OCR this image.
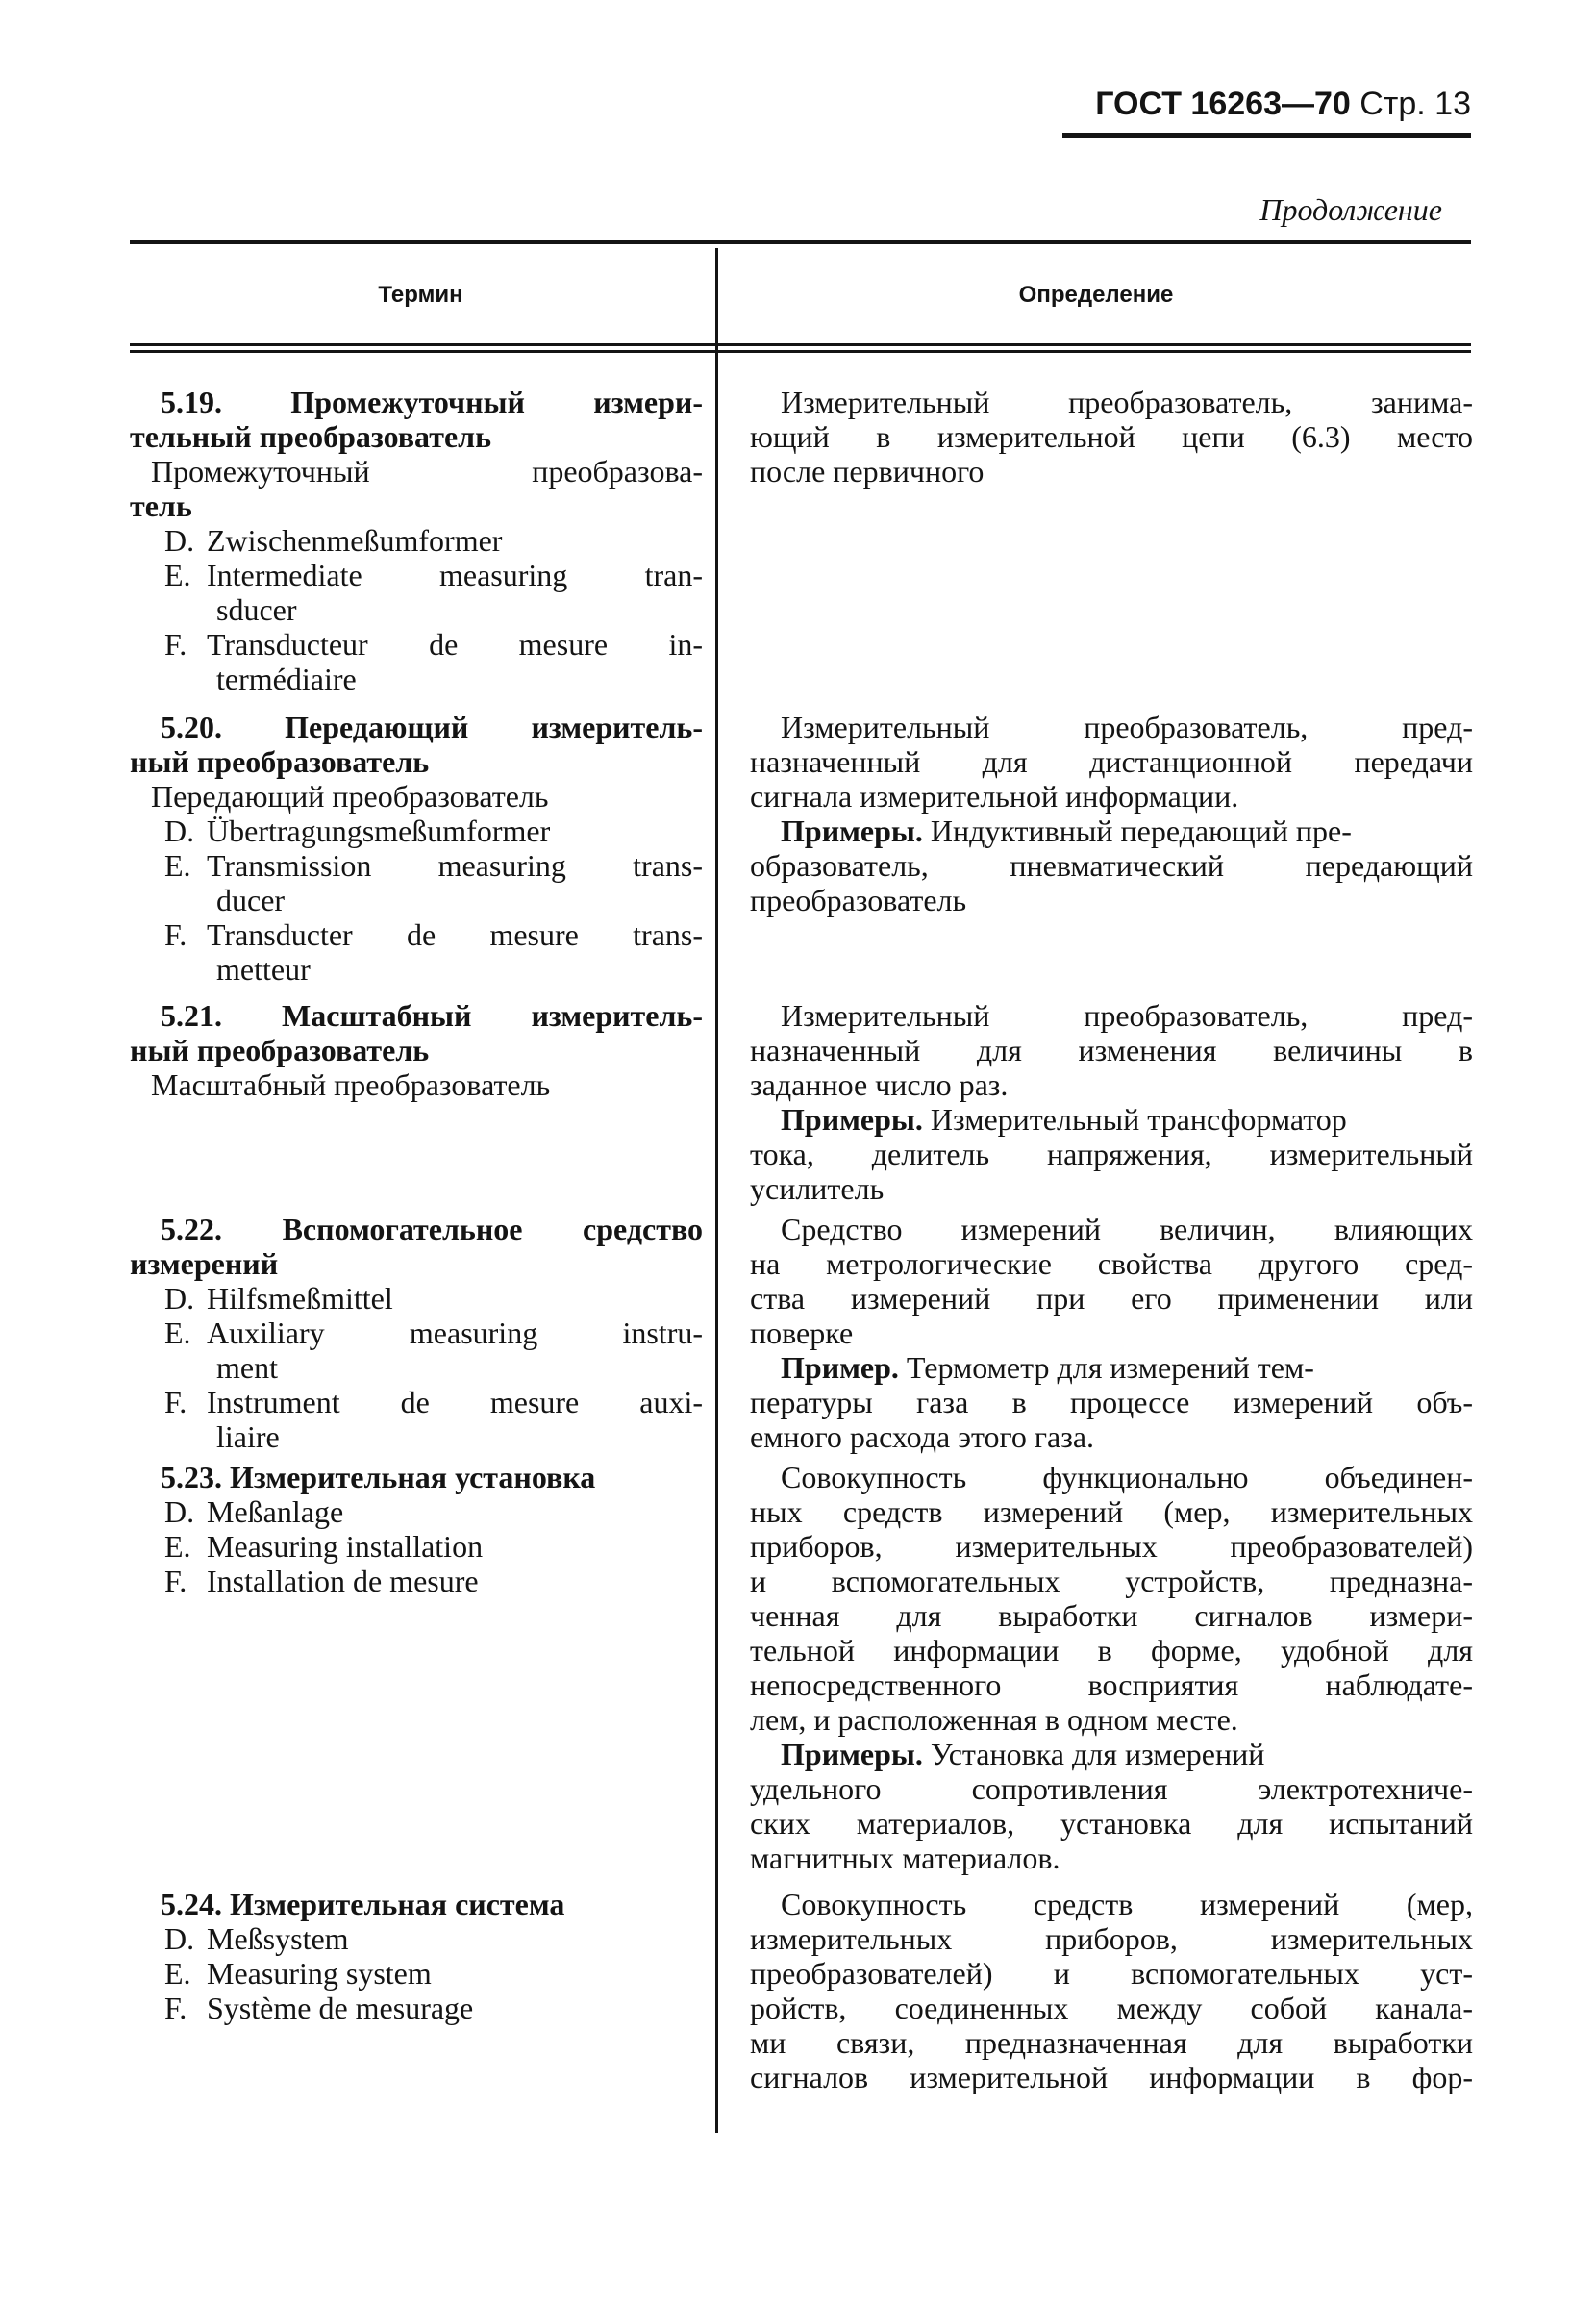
ГОСТ 16263—70 Стр. 13
Продолжение
Термин	Определение
5.19. Промежуточный измери-
тельный преобразователь
Промежуточный преобразова-
тель
D. Zwischenmeßumformer
E. Intermediate measuring tran-
sducer
F. Transducteur de mesure in-
termédiaire
Измерительный преобразователь, занима-
ющий в измерительной цепи (6.3) место
после первичного
5.20. Передающий измеритель-
ный преобразователь
Передающий преобразователь
D. Übertragungsmeßumformer
E. Transmission measuring trans-
ducer
F. Transducter de mesure trans-
metteur
Измерительный преобразователь, пред-
назначенный для дистанционной передачи
сигнала измерительной информации.
Примеры. Индуктивный передающий пре-
образователь, пневматический передающий
преобразователь
5.21. Масштабный измеритель-
ный преобразователь
Масштабный преобразователь
Измерительный преобразователь, пред-
назначенный для изменения величины в
заданное число раз.
Примеры. Измерительный трансформатор
тока, делитель напряжения, измерительный
усилитель
5.22. Вспомогательное средство
измерений
D. Hilfsmeßmittel
E. Auxiliary measuring instru-
ment
F. Instrument de mesure auxi-
liaire
Средство измерений величин, влияющих
на метрологические свойства другого сред-
ства измерений при его применении или
поверке
Пример. Термометр для измерений тем-
пературы газа в процессе измерений объ-
емного расхода этого газа.
5.23. Измерительная установка
D. Meßanlage
E. Measuring installation
F. Installation de mesure
Совокупность функционально объединен-
ных средств измерений (мер, измерительных
приборов, измерительных преобразователей)
и вспомогательных устройств, предназна-
ченная для выработки сигналов измери-
тельной информации в форме, удобной для
непосредственного восприятия наблюдате-
лем, и расположенная в одном месте.
Примеры. Установка для измерений
удельного сопротивления электротехниче-
ских материалов, установка для испытаний
магнитных материалов.
5.24. Измерительная система
D. Meßsystem
E. Measuring system
F. Système de mesurage
Совокупность средств измерений (мер,
измерительных приборов, измерительных
преобразователей) и вспомогательных уст-
ройств, соединенных между собой канала-
ми связи, предназначенная для выработки
сигналов измерительной информации в фор-
